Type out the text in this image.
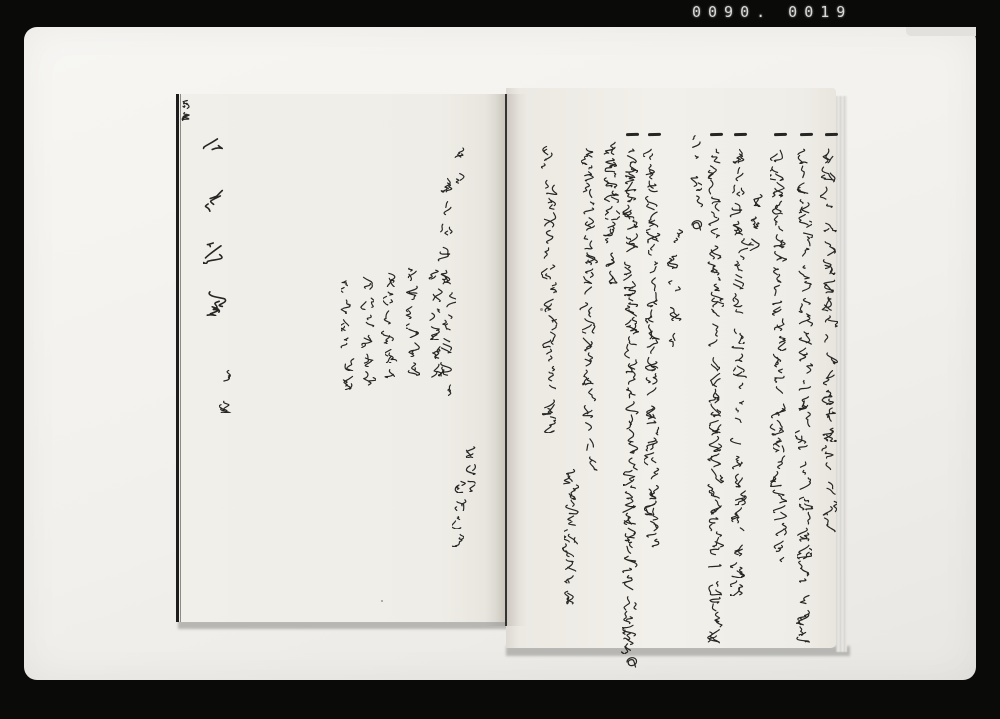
0090. 0019
